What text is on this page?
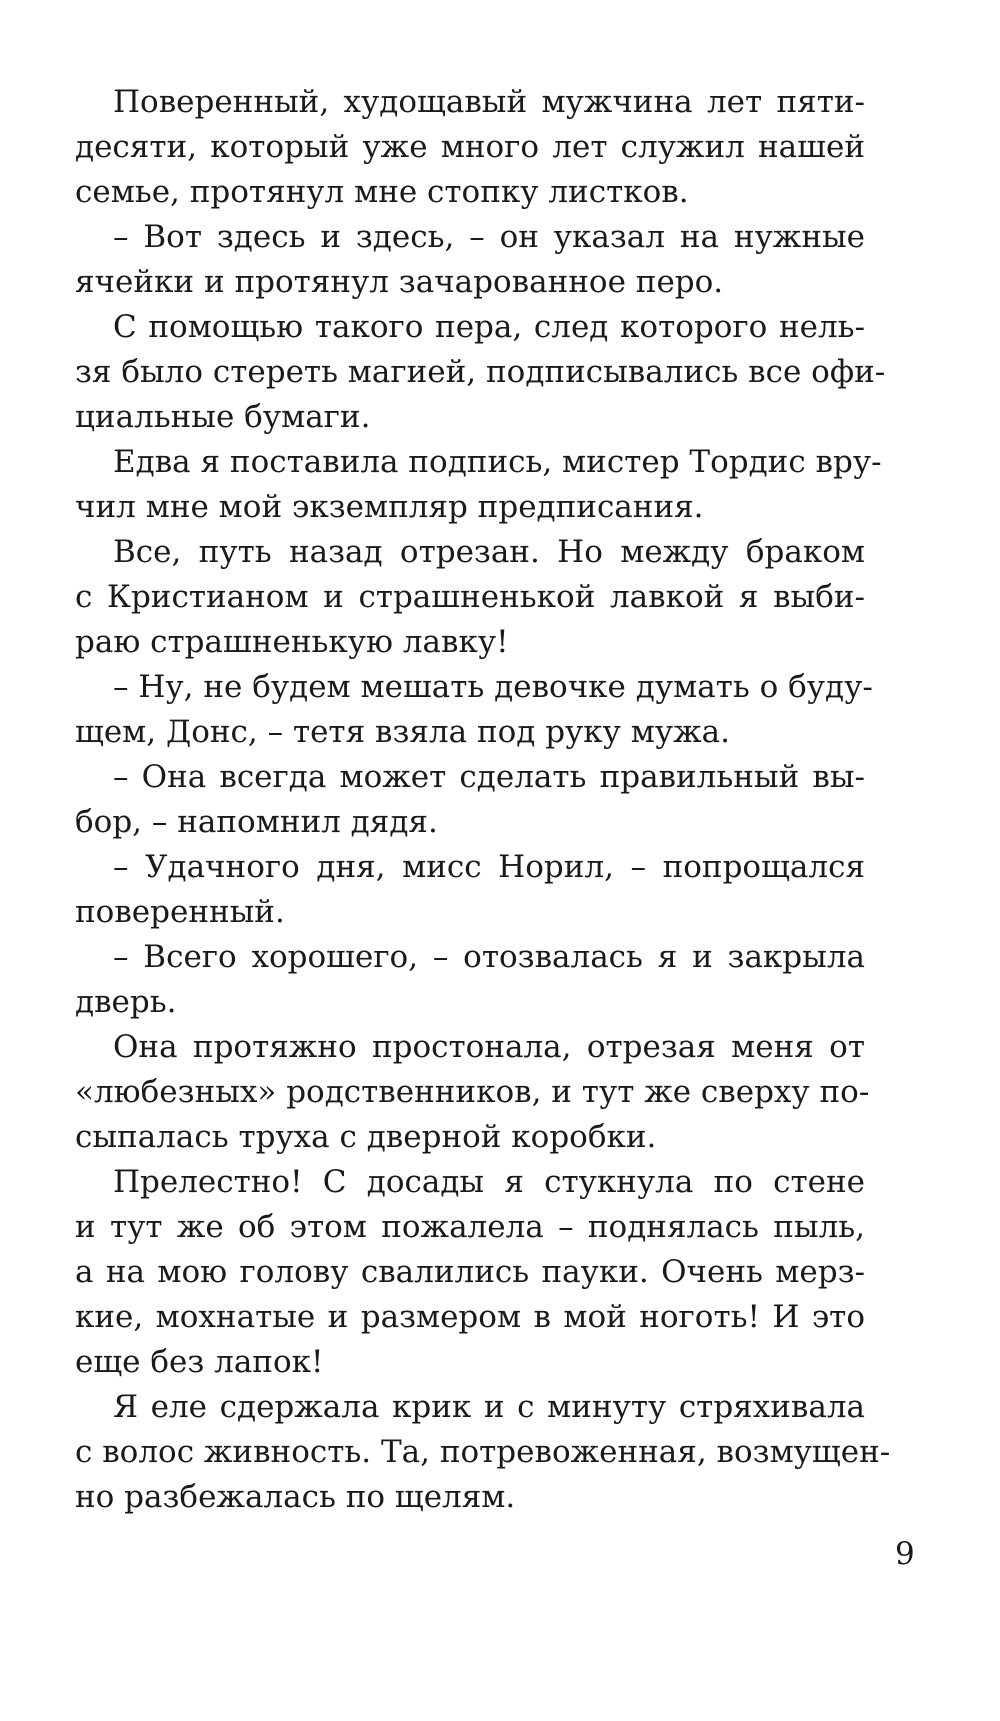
Поверенный, худощавый мужчина лет пяти-
десяти, который уже много лет служил нашей
семье, протянул мне стопку листков.
– Вот здесь и здесь, – он указал на нужные
ячейки и протянул зачарованное перо.
С помощью такого пера, след которого нель-
зя было стереть магией, подписывались все офи-
циальные бумаги.
Едва я поставила подпись, мистер Тордис вру-
чил мне мой экземпляр предписания.
Все, путь назад отрезан. Но между браком
с Кристианом и страшненькой лавкой я выби-
раю страшненькую лавку!
– Ну, не будем мешать девочке думать о буду-
щем, Донс, – тетя взяла под руку мужа.
– Она всегда может сделать правильный вы-
бор, – напомнил дядя.
– Удачного дня, мисс Норил, – попрощался
поверенный.
– Всего хорошего, – отозвалась я и закрыла
дверь.
Она протяжно простонала, отрезая меня от
«любезных» родственников, и тут же сверху по-
сыпалась труха с дверной коробки.
Прелестно! С досады я стукнула по стене
и тут же об этом пожалела – поднялась пыль,
а на мою голову свалились пауки. Очень мерз-
кие, мохнатые и размером в мой ноготь! И это
еще без лапок!
Я еле сдержала крик и с минуту стряхивала
с волос живность. Та, потревоженная, возмущен-
но разбежалась по щелям.
9
